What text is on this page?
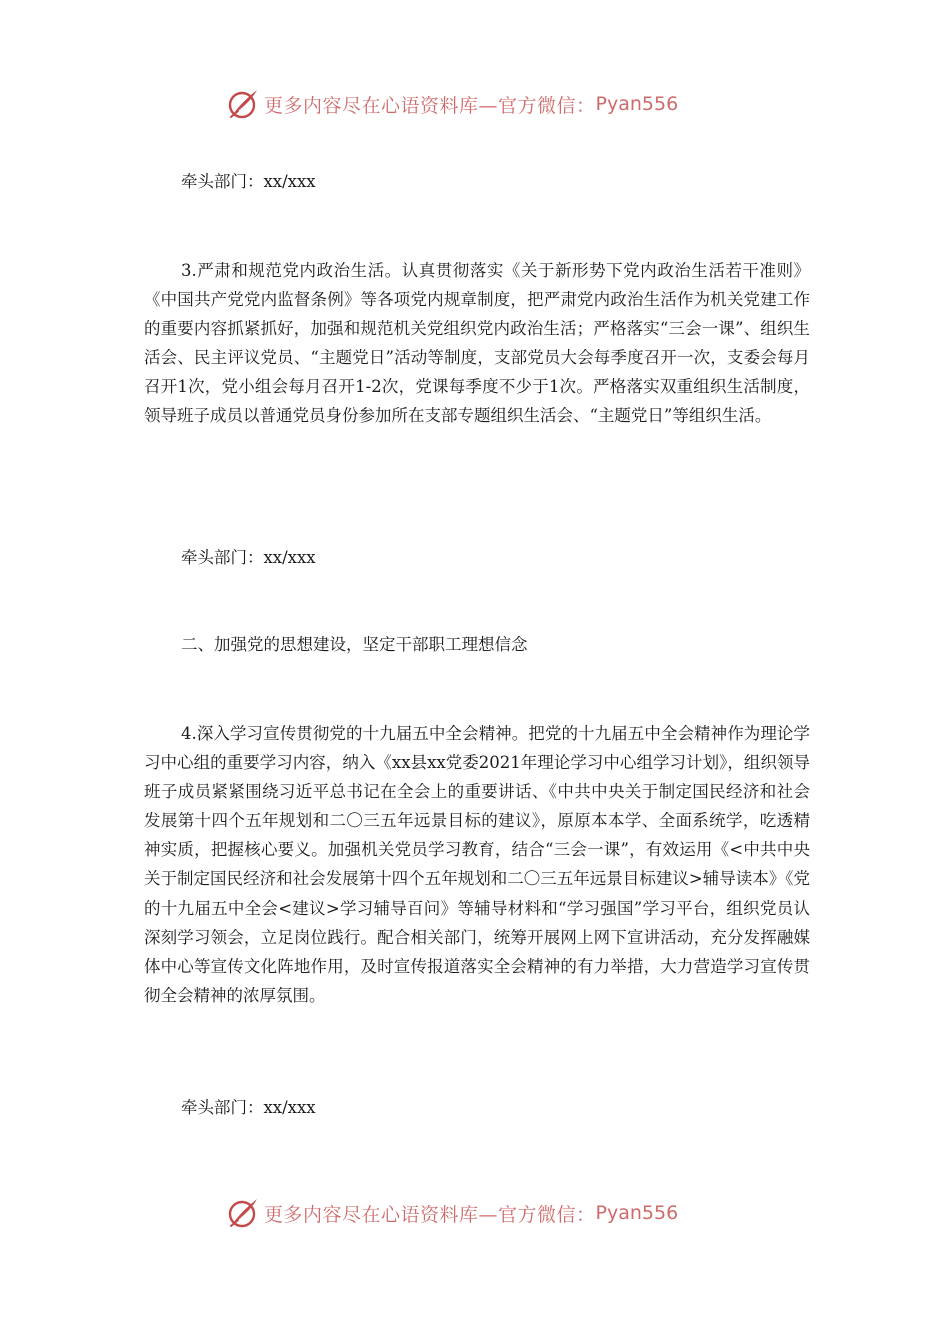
更多内容尽在心语资料库—官方微信： Pyan556
牵头部门：xx/xxx

3.严肃和规范党内政治生活。认真贯彻落实《关于新形势下党内政治生活若干准则》《中国共产党党内监督条例》等各项党内规章制度，把严肃党内政治生活作为机关党建工作的重要内容抓紧抓好，加强和规范机关党组织党内政治生活；严格落实“三会一课”、组织生活会、民主评议党员、“主题党日”活动等制度，支部党员大会每季度召开一次，支委会每月召开1次，党小组会每月召开1-2次，党课每季度不少于1次。严格落实双重组织生活制度，领导班子成员以普通党员身份参加所在支部专题组织生活会、“主题党日”等组织生活。

牵头部门：xx/xxx
二、加强党的思想建设，坚定干部职工理想信念

4.深入学习宣传贯彻党的十九届五中全会精神。把党的十九届五中全会精神作为理论学习中心组的重要学习内容，纳入《xx县xx党委2021年理论学习中心组学习计划》，组织领导班子成员紧紧围绕习近平总书记在全会上的重要讲话、《中共中央关于制定国民经济和社会发展第十四个五年规划和二〇三五年远景目标的建议》，原原本本学、全面系统学，吃透精神实质，把握核心要义。加强机关党员学习教育，结合“三会一课”，有效运用《<中共中央关于制定国民经济和社会发展第十四个五年规划和二〇三五年远景目标建议>辅导读本》《党的十九届五中全会<建议>学习辅导百问》等辅导材料和“学习强国”学习平台，组织党员认深刻学习领会，立足岗位践行。配合相关部门，统筹开展网上网下宣讲活动，充分发挥融媒体中心等宣传文化阵地作用，及时宣传报道落实全会精神的有力举措，大力营造学习宣传贯彻全会精神的浓厚氛围。

牵头部门：xx/xxx
更多内容尽在心语资料库—官方微信： Pyan556
